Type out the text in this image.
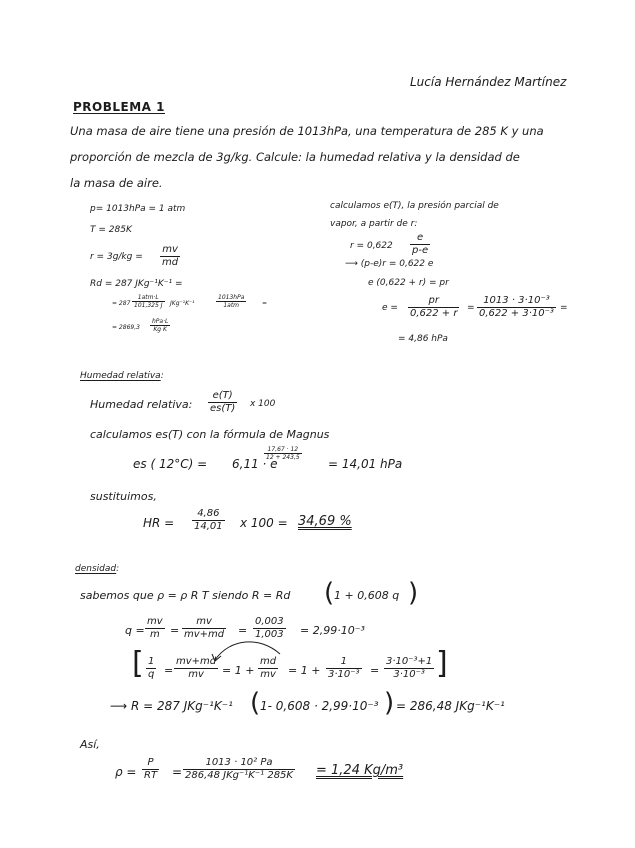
Lucía Hernández Martínez
PROBLEMA 1
Una masa de aire tiene una presión de 1013hPa, una temperatura de 285 K y una
proporción de mezcla de 3g/kg. Calcule: la humedad relativa y la densidad de
la masa de aire.
p= 1013hPa = 1 atm
T = 285K
r = 3g/kg =
mv
md
Rd = 287 JKg⁻¹K⁻¹ =
= 287
1atm·L
101,325 J	JKg⁻¹K⁻¹
1013hPa
1atm	=
= 2869,3
hPa·L
Kg K
calculamos e(T), la presión parcial de
vapor, a partir de r:
r = 0,622
e
p-e
⟶ (p-e)r = 0,622 e
e (0,622 + r) = pr
e =
pr
0,622 + r =
1013 · 3·10⁻³
0,622 + 3·10⁻³ =
= 4,86 hPa
Humedad relativa:
Humedad relativa:
e(T)
es(T) x 100
calculamos es(T) con la fórmula de Magnus
es ( 12°C) = 6,11 · e
17,67 · 12
12 + 243,5 = 14,01 hPa
sustituimos,
HR =
4,86
14,01 x 100 = 34,69 %
densidad:
sabemos que ρ = ρ R T siendo R = Rd ( 1 + 0,608 q )
q =
mv
m =
mv
mv+md =
0,003
1,003 = 2,99·10⁻³
[ 1
q =
mv+md
mv = 1 +
md
mv = 1 +
1
3·10⁻³ =
3·10⁻³+1
3·10⁻³ ]
⟶ R = 287 JKg⁻¹K⁻¹ ( 1- 0,608 · 2,99·10⁻³ ) = 286,48 JKg⁻¹K⁻¹
Así,
ρ =
P
RT =
1013 · 10² Pa
286,48 JKg⁻¹K⁻¹ 285K = 1,24 Kg/m³
